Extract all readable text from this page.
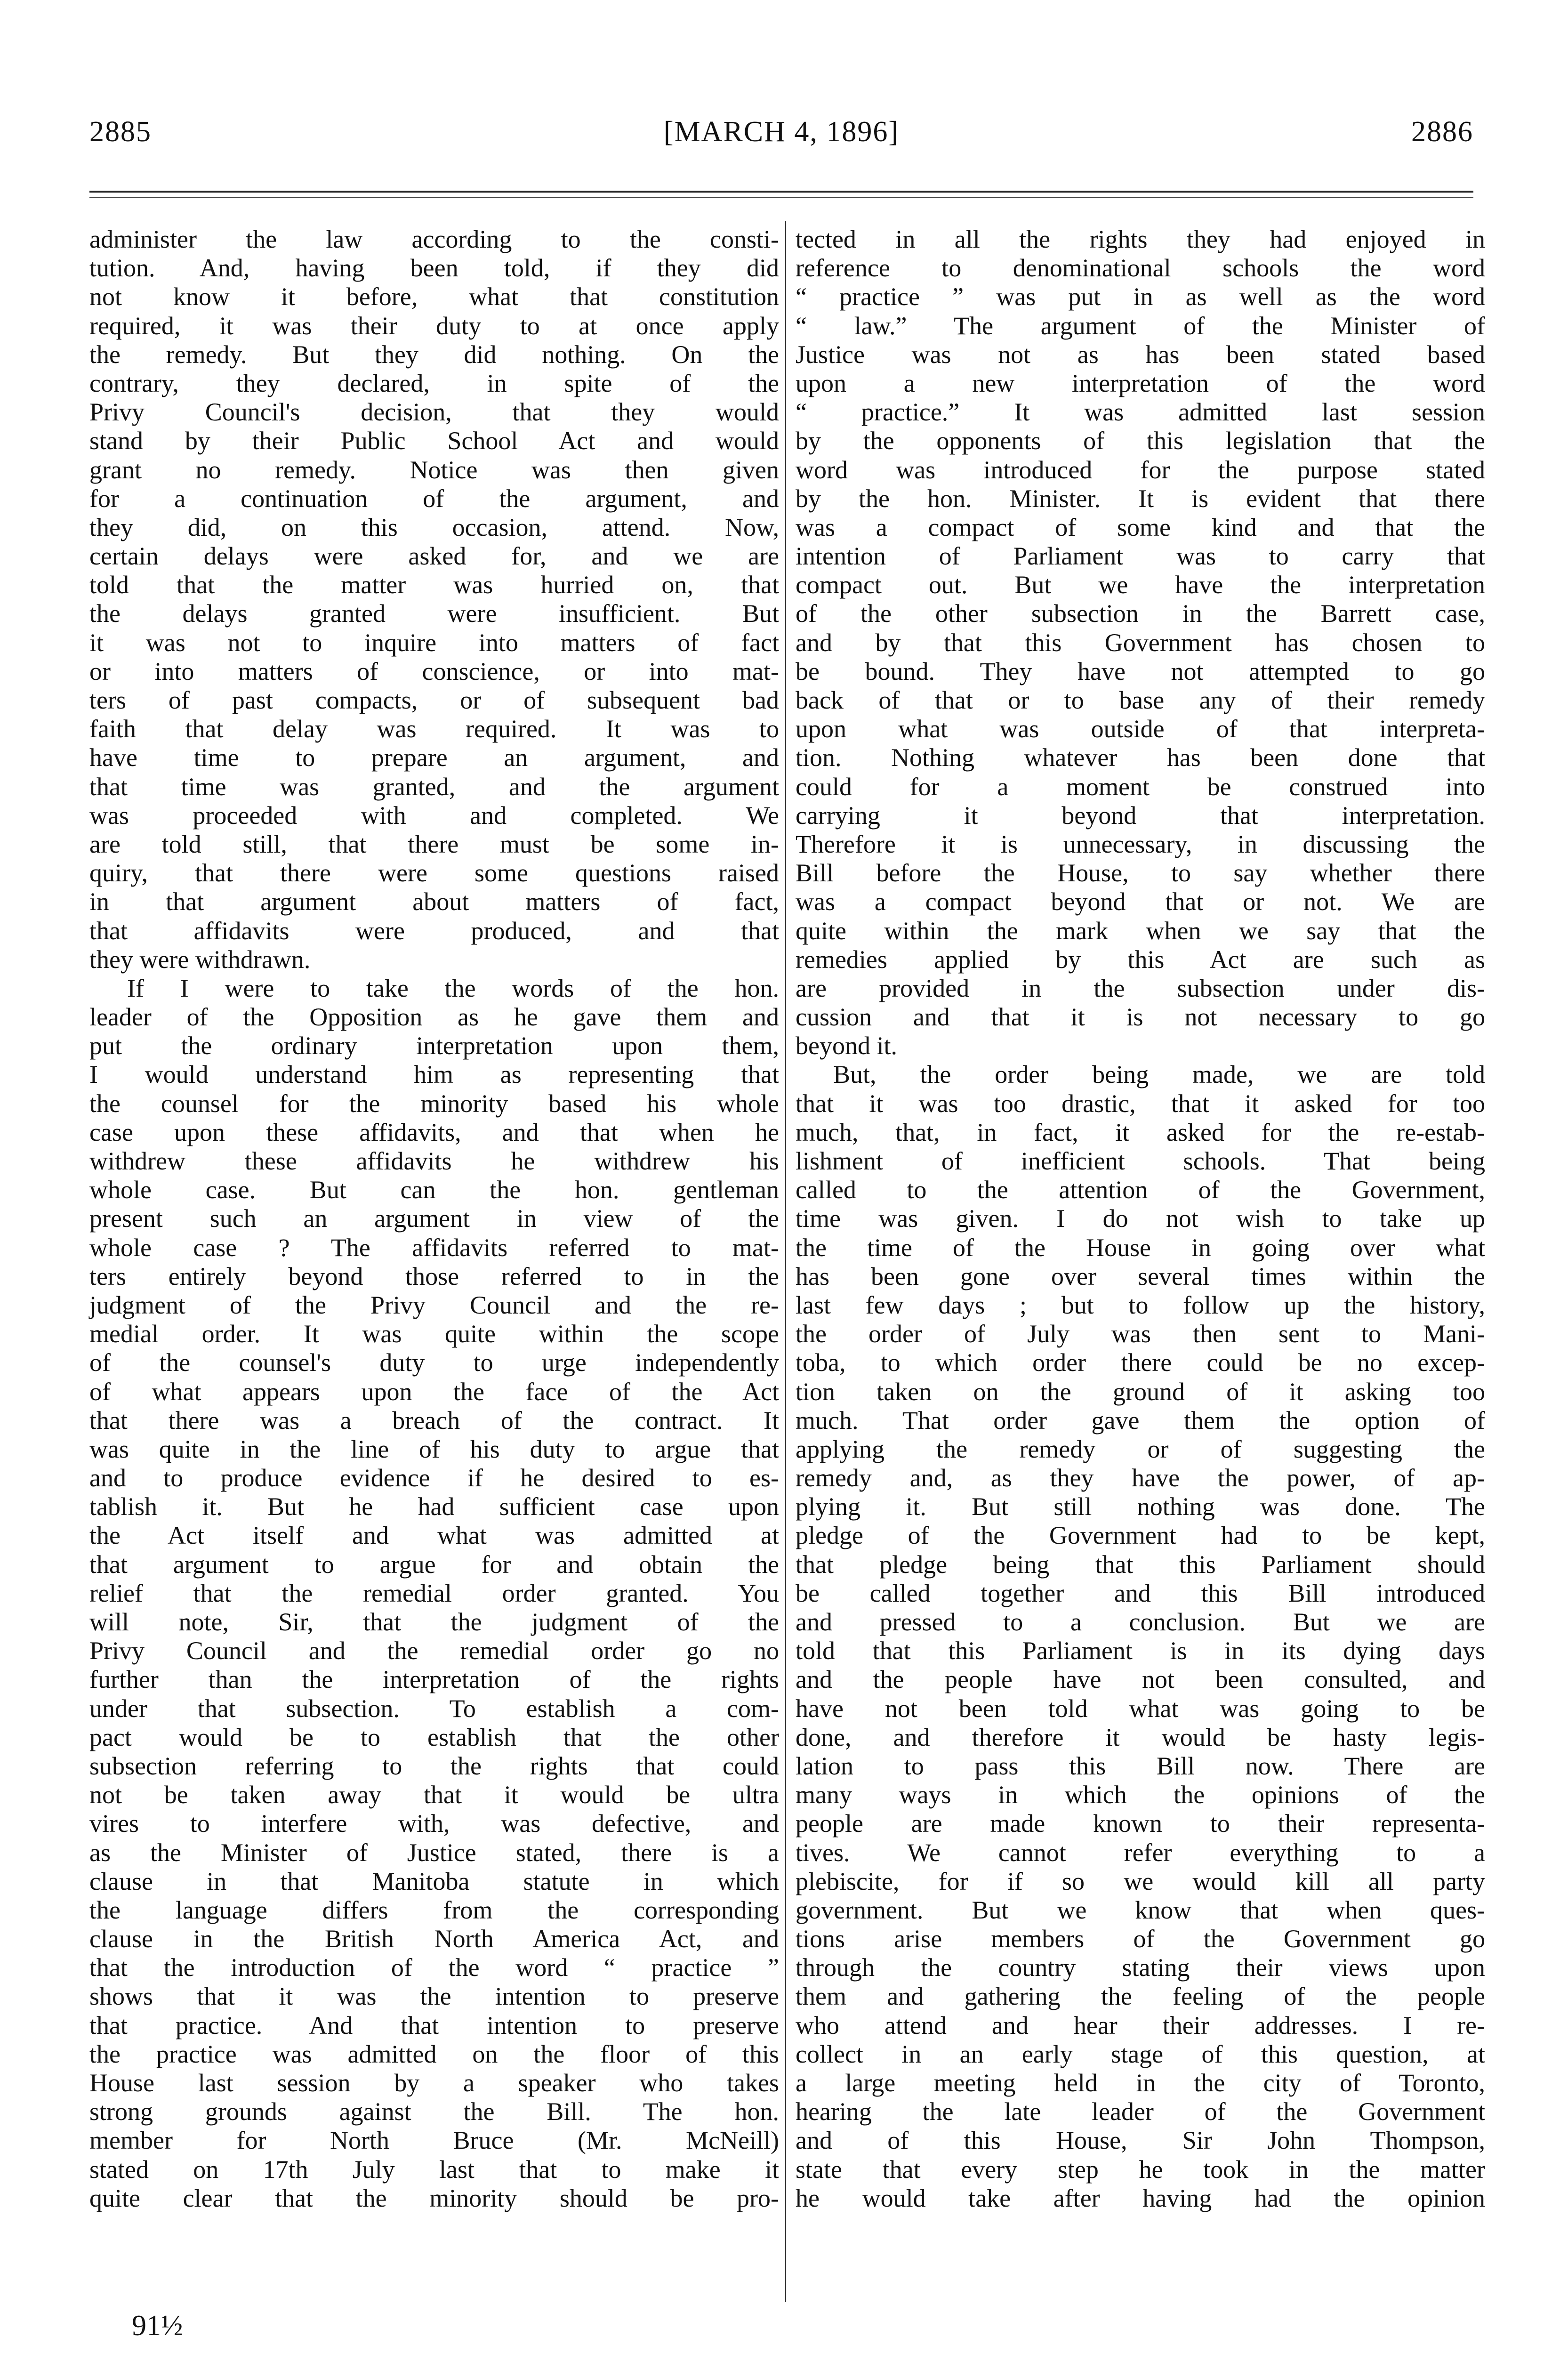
[MARCH 4, 1896]
2885	2886
administer the law according to the consti-
tution. And, having been told, if they did
not know it before, what that constitution
required, it was their duty to at once apply
the remedy. But they did nothing. On the
contrary, they declared, in spite of the
Privy Council's decision, that they would
stand by their Public School Act and would
grant no remedy. Notice was then given
for a continuation of the argument, and
they did, on this occasion, attend. Now,
certain delays were asked for, and we are
told that the matter was hurried on, that
the delays granted were insufficient. But
it was not to inquire into matters of fact
or into matters of conscience, or into mat-
ters of past compacts, or of subsequent bad
faith that delay was required. It was to
have time to prepare an argument, and
that time was granted, and the argument
was proceeded with and completed. We
are told still, that there must be some in-
quiry, that there were some questions raised
in that argument about matters of fact,
that affidavits were produced, and that
they were withdrawn.
If I were to take the words of the hon.
leader of the Opposition as he gave them and
put the ordinary interpretation upon them,
I would understand him as representing that
the counsel for the minority based his whole
case upon these affidavits, and that when he
withdrew these affidavits he withdrew his
whole case. But can the hon. gentleman
present such an argument in view of the
whole case ? The affidavits referred to mat-
ters entirely beyond those referred to in the
judgment of the Privy Council and the re-
medial order. It was quite within the scope
of the counsel's duty to urge independently
of what appears upon the face of the Act
that there was a breach of the contract. It
was quite in the line of his duty to argue that
and to produce evidence if he desired to es-
tablish it. But he had sufficient case upon
the Act itself and what was admitted at
that argument to argue for and obtain the
relief that the remedial order granted. You
will note, Sir, that the judgment of the
Privy Council and the remedial order go no
further than the interpretation of the rights
under that subsection. To establish a com-
pact would be to establish that the other
subsection referring to the rights that could
not be taken away that it would be ultra
vires to interfere with, was defective, and
as the Minister of Justice stated, there is a
clause in that Manitoba statute in which
the language differs from the corresponding
clause in the British North America Act, and
that the introduction of the word “ practice ”
shows that it was the intention to preserve
that practice. And that intention to preserve
the practice was admitted on the floor of this
House last session by a speaker who takes
strong grounds against the Bill. The hon.
member for North Bruce (Mr. McNeill)
stated on 17th July last that to make it
quite clear that the minority should be pro-
tected in all the rights they had enjoyed in
reference to denominational schools the word
“ practice ” was put in as well as the word
“ law.” The argument of the Minister of
Justice was not as has been stated based
upon a new interpretation of the word
“ practice.” It was admitted last session
by the opponents of this legislation that the
word was introduced for the purpose stated
by the hon. Minister. It is evident that there
was a compact of some kind and that the
intention of Parliament was to carry that
compact out. But we have the interpretation
of the other subsection in the Barrett case,
and by that this Government has chosen to
be bound. They have not attempted to go
back of that or to base any of their remedy
upon what was outside of that interpreta-
tion. Nothing whatever has been done that
could for a moment be construed into
carrying it beyond that interpretation.
Therefore it is unnecessary, in discussing the
Bill before the House, to say whether there
was a compact beyond that or not. We are
quite within the mark when we say that the
remedies applied by this Act are such as
are provided in the subsection under dis-
cussion and that it is not necessary to go
beyond it.
But, the order being made, we are told
that it was too drastic, that it asked for too
much, that, in fact, it asked for the re-estab-
lishment of inefficient schools. That being
called to the attention of the Government,
time was given. I do not wish to take up
the time of the House in going over what
has been gone over several times within the
last few days ; but to follow up the history,
the order of July was then sent to Mani-
toba, to which order there could be no excep-
tion taken on the ground of it asking too
much. That order gave them the option of
applying the remedy or of suggesting the
remedy and, as they have the power, of ap-
plying it. But still nothing was done. The
pledge of the Government had to be kept,
that pledge being that this Parliament should
be called together and this Bill introduced
and pressed to a conclusion. But we are
told that this Parliament is in its dying days
and the people have not been consulted, and
have not been told what was going to be
done, and therefore it would be hasty legis-
lation to pass this Bill now. There are
many ways in which the opinions of the
people are made known to their representa-
tives. We cannot refer everything to a
plebiscite, for if so we would kill all party
government. But we know that when ques-
tions arise members of the Government go
through the country stating their views upon
them and gathering the feeling of the people
who attend and hear their addresses. I re-
collect in an early stage of this question, at
a large meeting held in the city of Toronto,
hearing the late leader of the Government
and of this House, Sir John Thompson,
state that every step he took in the matter
he would take after having had the opinion
91½
